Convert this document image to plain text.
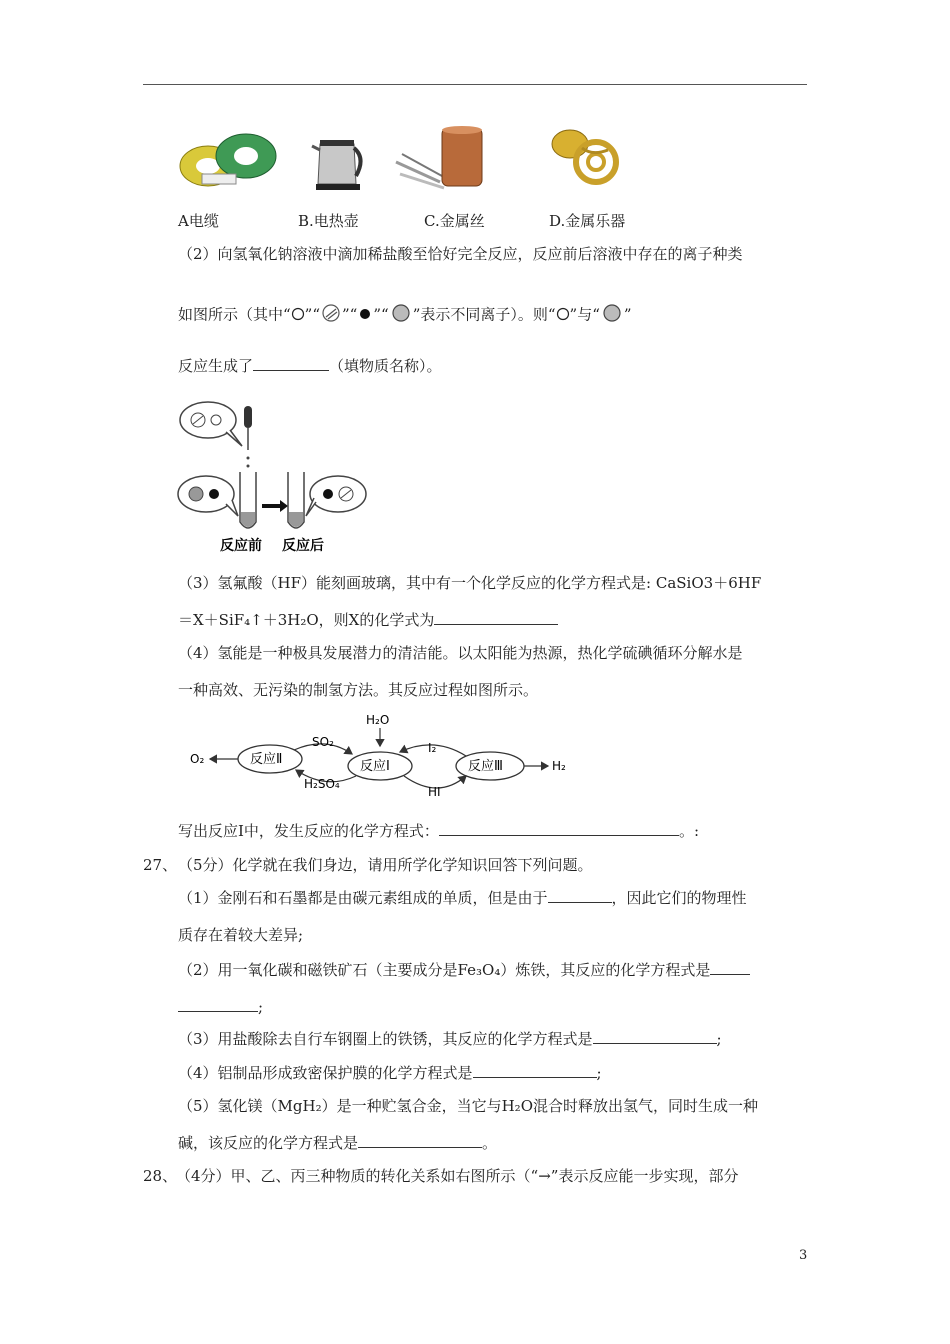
A电缆	B.电热壶	C.金属丝	D.金属乐器
（2）向氢氧化钠溶液中滴加稀盐酸至恰好完全反应，反应前后溶液中存在的离子种类
如图所示（其中“ ”“ ”“ ”“ ”表示不同离子）。则“ ”与“ ”
反应生成了	（填物质名称）。
反应前 反应后
（3）氢氟酸（HF）能刻画玻璃，其中有一个化学反应的化学方程式是: CaSiO3＋6HF
＝X＋SiF₄↑＋3H₂O，则X的化学式为
（4）氢能是一种极具发展潜力的清洁能。以太阳能为热源，热化学硫碘循环分解水是
一种高效、无污染的制氢方法。其反应过程如图所示。
H₂O
反应Ⅱ	反应Ⅰ	反应Ⅲ
O₂
SO₂
H₂SO₄
I₂
HI
H₂
写出反应Ⅰ中，发生反应的化学方程式：	。:
27、 （5分）化学就在我们身边，请用所学化学知识回答下列问题。
（1）金刚石和石墨都是由碳元素组成的单质，但是由于	，因此它们的物理性
质存在着较大差异;
（2）用一氧化碳和磁铁矿石（主要成分是Fe₃O₄）炼铁，其反应的化学方程式是
;
（3）用盐酸除去自行车钢圈上的铁锈，其反应的化学方程式是	;
（4）铝制品形成致密保护膜的化学方程式是	;
（5）氢化镁（MgH₂）是一种贮氢合金，当它与H₂O混合时释放出氢气，同时生成一种
碱，该反应的化学方程式是	。
28、
（4分）甲、乙、丙三种物质的转化关系如右图所示（“→”表示反应能一步实现，部分
3
